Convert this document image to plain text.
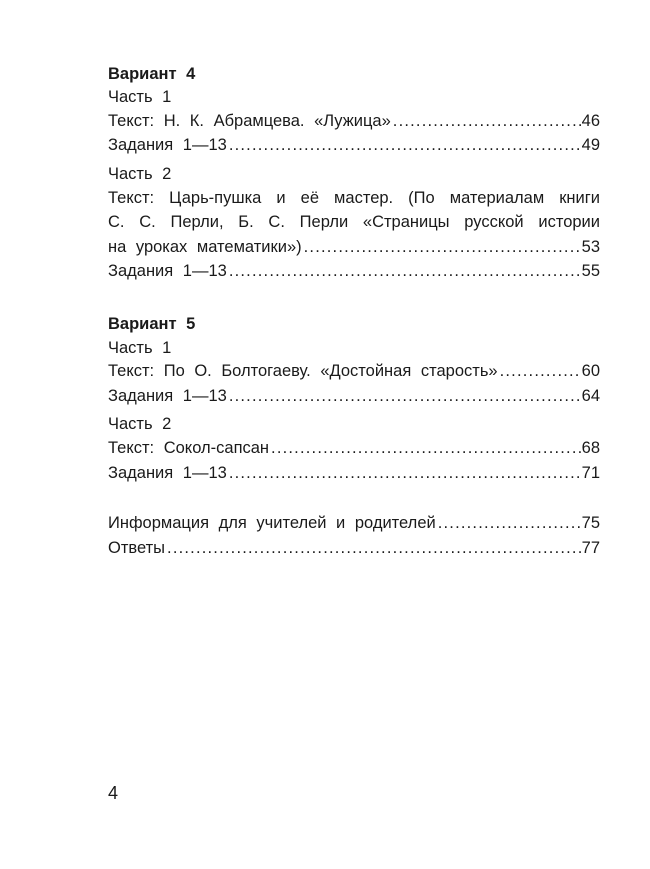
Вариант 4
Часть 1
Текст: Н. К. Абрамцева. «Лужица» .....	46
Задания 1—13 .....	49
Часть 2
Текст: Царь-пушка и её мастер. (По материалам книги
С. С. Перли, Б. С. Перли «Страницы русской истории
на уроках математики») .....	53
Задания 1—13 .....	55
Вариант 5
Часть 1
Текст: По О. Болтогаеву. «Достойная старость» .....	60
Задания 1—13 .....	64
Часть 2
Текст: Сокол-сапсан .....	68
Задания 1—13 .....	71
Информация для учителей и родителей .....	75
Ответы .....	77
4
